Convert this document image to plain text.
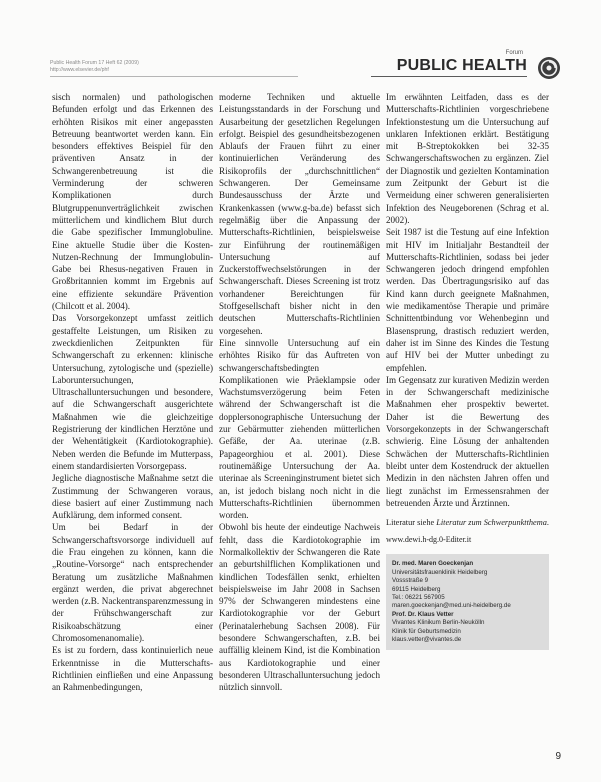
Public Health Forum 17 Heft 62 (2009)
http://www.elsevier.de/phf
Forum
PUBLIC HEALTH

sisch normalen) und pathologischen Befunden erfolgt und das Erkennen des erhöhten Risikos mit einer angepassten Betreuung beantwortet werden kann. Ein besonders effektives Beispiel für den präventiven Ansatz in der Schwangerenbetreuung ist die Verminderung der schweren Komplikationen durch Blutgruppenunverträglichkeit zwischen mütterlichem und kindlichem Blut durch die Gabe spezifischer Immunglobuline. Eine aktuelle Studie über die Kosten-Nutzen-Rechnung der Immunglobulin-Gabe bei Rhesus-negativen Frauen in Großbritannien kommt im Ergebnis auf eine effiziente sekundäre Prävention (Chilcott et al. 2004).

Das Vorsorgekonzept umfasst zeitlich gestaffelte Leistungen, um Risiken zu zweckdienlichen Zeitpunkten für Schwangerschaft zu erkennen: klinische Untersuchung, zytologische und (spezielle) Laboruntersuchungen, Ultraschalluntersuchungen und besondere, auf die Schwangerschaft ausgerichtete Maßnahmen wie die gleichzeitige Registrierung der kindlichen Herztöne und der Wehentätigkeit (Kardiotokographie). Neben werden die Befunde im Mutterpass, einem standardisierten Vorsorgepass.

Jegliche diagnostische Maßnahme setzt die Zustimmung der Schwangeren voraus, diese basiert auf einer Zustimmung nach Aufklärung, dem informed consent.

Um bei Bedarf in der Schwangerschaftsvorsorge individuell auf die Frau eingehen zu können, kann die „Routine-Vorsorge“ nach entsprechender Beratung um zusätzliche Maßnahmen ergänzt werden, die privat abgerechnet werden (z.B. Nackentransparenzmessung in der Frühschwangerschaft zur Risikoabschätzung einer Chromosomenanomalie).

Es ist zu fordern, dass kontinuierlich neue Erkenntnisse in die Mutterschafts-Richtlinien einfließen und eine Anpassung an Rahmenbedingungen,

moderne Techniken und aktuelle Leistungsstandards in der Forschung und Ausarbeitung der gesetzlichen Regelungen erfolgt. Beispiel des gesundheitsbezogenen Ablaufs der Frauen führt zu einer kontinuierlichen Veränderung des Risikoprofils der „durchschnittlichen“ Schwangeren. Der Gemeinsame Bundesausschuss der Ärzte und Krankenkassen (www.g-ba.de) befasst sich regelmäßig über die Anpassung der Mutterschafts-Richtlinien, beispielsweise zur Einführung der routinemäßigen Untersuchung auf Zuckerstoffwechselstörungen in der Schwangerschaft. Dieses Screening ist trotz vorhandener Bereichtungen für Stoffgesellschaft bisher nicht in den deutschen Mutterschafts-Richtlinien vorgesehen.

Eine sinnvolle Untersuchung auf ein erhöhtes Risiko für das Auftreten von schwangerschaftsbedingten Komplikationen wie Präeklampsie oder Wachstumsverzögerung beim Feten während der Schwangerschaft ist die dopplersonographische Untersuchung der zur Gebärmutter ziehenden mütterlichen Gefäße, der Aa. uterinae (z.B. Papageorghiou et al. 2001). Diese routinemäßige Untersuchung der Aa. uterinae als Screeninginstrument bietet sich an, ist jedoch bislang noch nicht in die Mutterschafts-Richtlinien übernommen worden.

Obwohl bis heute der eindeutige Nachweis fehlt, dass die Kardiotokographie im Normalkollektiv der Schwangeren die Rate an geburtshilflichen Komplikationen und kindlichen Todesfällen senkt, erhielten beispielsweise im Jahr 2008 in Sachsen 97% der Schwangeren mindestens eine Kardiotokographie vor der Geburt (Perinatalerhebung Sachsen 2008). Für besondere Schwangerschaften, z.B. bei auffällig kleinem Kind, ist die Kombination aus Kardiotokographie und einer besonderen Ultraschalluntersuchung jedoch nützlich sinnvoll.

Im erwähnten Leitfaden, dass es der Mutterschafts-Richtlinien vorgeschriebene Infektionstestung um die Untersuchung auf unklaren Infektionen erklärt. Bestätigung mit B-Streptokokken bei 32-35 Schwangerschaftswochen zu ergänzen. Ziel der Diagnostik und gezielten Kontamination zum Zeitpunkt der Geburt ist die Vermeidung einer schweren generalisierten Infektion des Neugeborenen (Schrag et al. 2002).

Seit 1987 ist die Testung auf eine Infektion mit HIV im Initialjahr Bestandteil der Mutterschafts-Richtlinien, sodass bei jeder Schwangeren jedoch dringend empfohlen werden. Das Übertragungsrisiko auf das Kind kann durch geeignete Maßnahmen, wie medikamentöse Therapie und primäre Schnittentbindung vor Wehenbeginn und Blasensprung, drastisch reduziert werden, daher ist im Sinne des Kindes die Testung auf HIV bei der Mutter unbedingt zu empfehlen.

Im Gegensatz zur kurativen Medizin werden in der Schwangerschaft medizinische Maßnahmen eher prospektiv bewertet. Daher ist die Bewertung des Vorsorgekonzepts in der Schwangerschaft schwierig. Eine Lösung der anhaltenden Schwächen der Mutterschafts-Richtlinien bleibt unter dem Kostendruck der aktuellen Medizin in den nächsten Jahren offen und liegt zunächst im Ermessensrahmen der betreuenden Ärzte und Ärztinnen.

Literatur siehe Literatur zum Schwerpunktthema.

www.dewi.h-dg.0-Editer.it

Dr. med. Maren Goeckenjan
Universitätsfrauenklinik Heidelberg
Vossstraße 9
69115 Heidelberg
Tel.: 06221 567905
maren.goeckenjan@med.uni-heidelberg.de
Prof. Dr. Klaus Vetter
Vivantes Klinikum Berlin-Neukölln
Klinik für Geburtsmedizin
klaus.vetter@vivantes.de
9
